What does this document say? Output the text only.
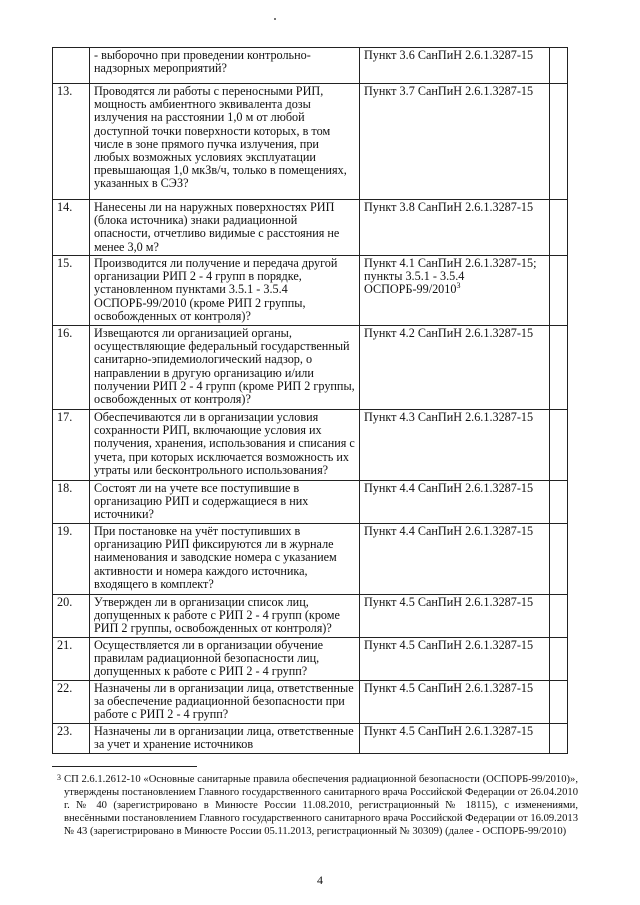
	- выборочно при проведении контрольно-надзорных мероприятий?	Пункт 3.6 СанПиН 2.6.1.3287-15	
13.	Проводятся ли работы с переносными РИП, мощность амбиентного эквивалента дозы излучения на расстоянии 1,0 м от любой доступной точки поверхности которых, в том числе в зоне прямого пучка излучения, при любых возможных условиях эксплуатации превышающая 1,0 мкЗв/ч, только в помещениях, указанных в СЭЗ?	Пункт 3.7 СанПиН 2.6.1.3287-15	
14.	Нанесены ли на наружных поверхностях РИП (блока источника) знаки радиационной опасности, отчетливо видимые с расстояния не менее 3,0 м?	Пункт 3.8 СанПиН 2.6.1.3287-15	
15.	Производится ли получение и передача другой организации РИП 2 - 4 групп в порядке, установленном пунктами 3.5.1 - 3.5.4 ОСПОРБ-99/2010 (кроме РИП 2 группы, освобожденных от контроля)?	Пункт 4.1 СанПиН 2.6.1.3287-15; пункты 3.5.1 - 3.5.4 ОСПОРБ-99/2010$^3$	
16.	Извещаются ли организацией органы, осуществляющие федеральный государственный санитарно-эпидемиологический надзор, о направлении в другую организацию и/или получении РИП 2 - 4 групп (кроме РИП 2 группы, освобожденных от контроля)?	Пункт 4.2 СанПиН 2.6.1.3287-15	
17.	Обеспечиваются ли в организации условия сохранности РИП, включающие условия их получения, хранения, использования и списания с учета, при которых исключается возможность их утраты или бесконтрольного использования?	Пункт 4.3 СанПиН 2.6.1.3287-15	
18.	Состоят ли на учете все поступившие в организацию РИП и содержащиеся в них источники?	Пункт 4.4 СанПиН 2.6.1.3287-15	
19.	При постановке на учёт поступивших в организацию РИП фиксируются ли в журнале наименования и заводские номера с указанием активности и номера каждого источника, входящего в комплект?	Пункт 4.4 СанПиН 2.6.1.3287-15	
20.	Утвержден ли в организации список лиц, допущенных к работе с РИП 2 - 4 групп (кроме РИП 2 группы, освобожденных от контроля)?	Пункт 4.5 СанПиН 2.6.1.3287-15	
21.	Осуществляется ли в организации обучение правилам радиационной безопасности лиц, допущенных к работе с РИП 2 - 4 групп?	Пункт 4.5 СанПиН 2.6.1.3287-15	
22.	Назначены ли в организации лица, ответственные за обеспечение радиационной безопасности при работе с РИП 2 - 4 групп?	Пункт 4.5 СанПиН 2.6.1.3287-15	
23.	Назначены ли в организации лица, ответственные за учет и хранение источников	Пункт 4.5 СанПиН 2.6.1.3287-15	
3 СП 2.6.1.2612-10 «Основные санитарные правила обеспечения радиационной безопасности (ОСПОРБ-99/2010)», утверждены постановлением Главного государственного санитарного врача Российской Федерации от 26.04.2010 г. № 40 (зарегистрировано в Минюсте России 11.08.2010, регистрационный № 18115), с изменениями, внесёнными постановлением Главного государственного санитарного врача Российской Федерации от 16.09.2013 № 43 (зарегистрировано в Минюсте России 05.11.2013, регистрационный № 30309) (далее - ОСПОРБ-99/2010)
4
